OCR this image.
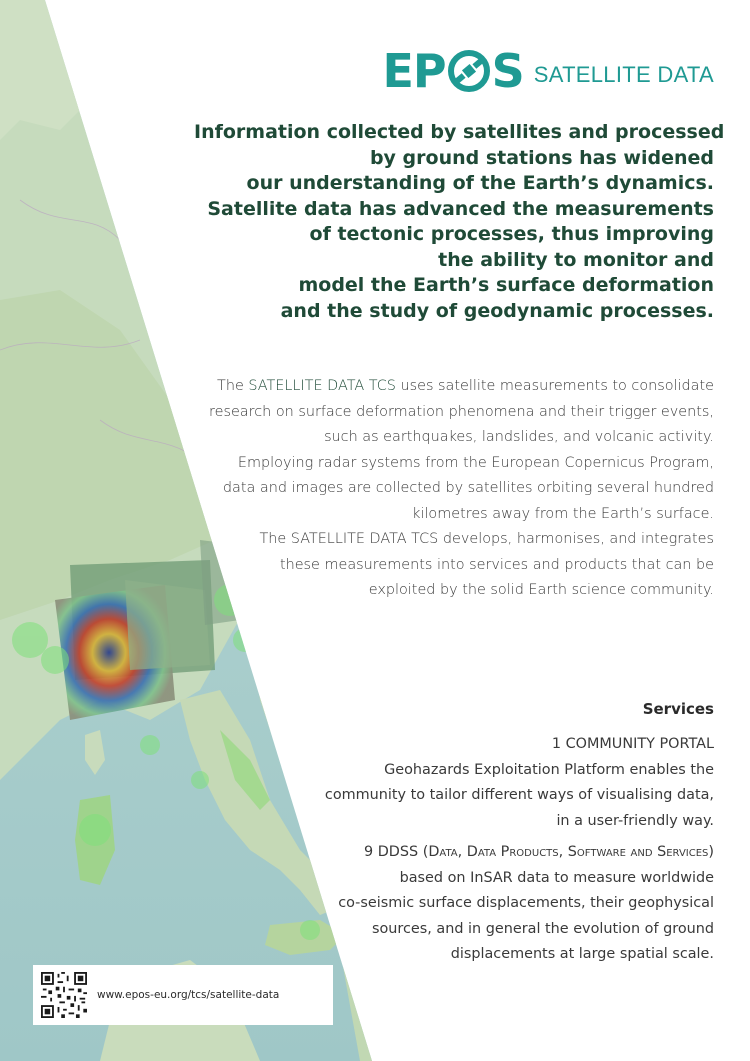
EP S SATELLITE DATA
Information collected by satellites and processed
by ground stations has widened
our understanding of the Earth’s dynamics.
Satellite data has advanced the measurements
of tectonic processes, thus improving
the ability to monitor and
model the Earth’s surface deformation
and the study of geodynamic processes.
The SATELLITE DATA TCS uses satellite measurements to consolidate
research on surface deformation phenomena and their trigger events,
such as earthquakes, landslides, and volcanic activity.
Employing radar systems from the European Copernicus Program,
data and images are collected by satellites orbiting several hundred
kilometres away from the Earth’s surface.
The SATELLITE DATA TCS develops, harmonises, and integrates
these measurements into services and products that can be
exploited by the solid Earth science community.
Services
1 COMMUNITY PORTAL
Geohazards Exploitation Platform enables the
community to tailor different ways of visualising data,
in a user-friendly way.
9 DDSS (Data, Data Products, Software and Services)
based on InSAR data to measure worldwide
co-seismic surface displacements, their geophysical
sources, and in general the evolution of ground
displacements at large spatial scale.
www.epos-eu.org/tcs/satellite-data
